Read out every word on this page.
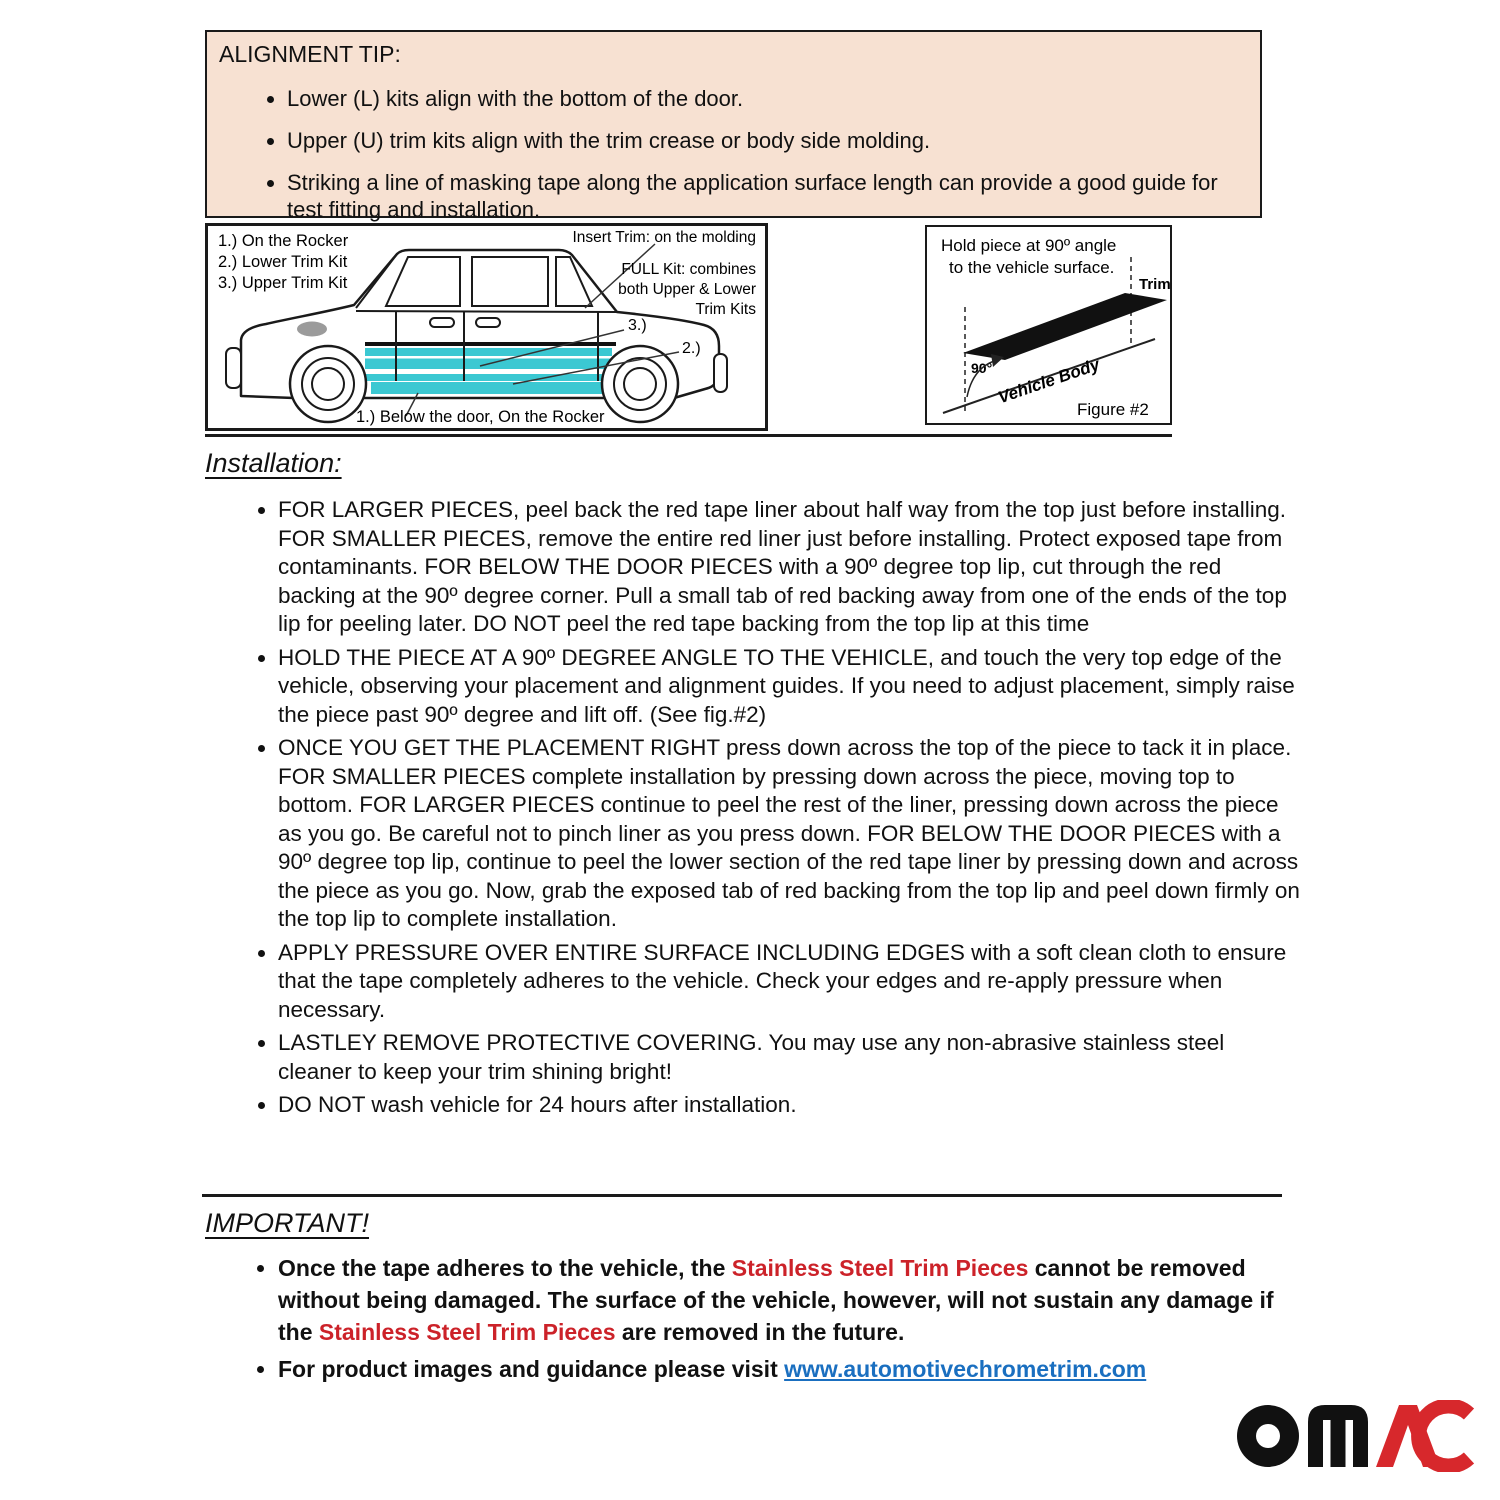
ALIGNMENT TIP:
• Lower (L) kits align with the bottom of the door.
• Upper (U) trim kits align with the trim crease or body side molding.
• Striking a line of masking tape along the application surface length can provide a good guide for test fitting and installation.
1.) On the Rocker
2.) Lower Trim Kit
3.) Upper Trim Kit
Insert Trim: on the molding
FULL Kit: combines
both Upper & Lower
Trim Kits
3.)
2.)
1.) Below the door, On the Rocker
Hold piece at 90º angle
to the vehicle surface.
Trim
90° Vehicle Body
Figure #2
Installation:
• FOR LARGER PIECES, peel back the red tape liner about half way from the top just before installing. FOR SMALLER PIECES, remove the entire red liner just before installing. Protect exposed tape from contaminants. FOR BELOW THE DOOR PIECES with a 90º degree top lip, cut through the red backing at the 90º degree corner. Pull a small tab of red backing away from one of the ends of the top lip for peeling later. DO NOT peel the red tape backing from the top lip at this time
• HOLD THE PIECE AT A 90º DEGREE ANGLE TO THE VEHICLE, and touch the very top edge of the vehicle, observing your placement and alignment guides. If you need to adjust placement, simply raise the piece past 90º degree and lift off. (See fig.#2)
• ONCE YOU GET THE PLACEMENT RIGHT press down across the top of the piece to tack it in place. FOR SMALLER PIECES complete installation by pressing down across the piece, moving top to bottom. FOR LARGER PIECES continue to peel the rest of the liner, pressing down across the piece as you go. Be careful not to pinch liner as you press down. FOR BELOW THE DOOR PIECES with a 90º degree top lip, continue to peel the lower section of the red tape liner by pressing down and across the piece as you go. Now, grab the exposed tab of red backing from the top lip and peel down firmly on the top lip to complete installation.
• APPLY PRESSURE OVER ENTIRE SURFACE INCLUDING EDGES with a soft clean cloth to ensure that the tape completely adheres to the vehicle. Check your edges and re-apply pressure when necessary.
• LASTLEY REMOVE PROTECTIVE COVERING. You may use any non-abrasive stainless steel cleaner to keep your trim shining bright!
• DO NOT wash vehicle for 24 hours after installation.
IMPORTANT!
• Once the tape adheres to the vehicle, the Stainless Steel Trim Pieces cannot be removed without being damaged. The surface of the vehicle, however, will not sustain any damage if the Stainless Steel Trim Pieces are removed in the future.
• For product images and guidance please visit www.automotivechrometrim.com
